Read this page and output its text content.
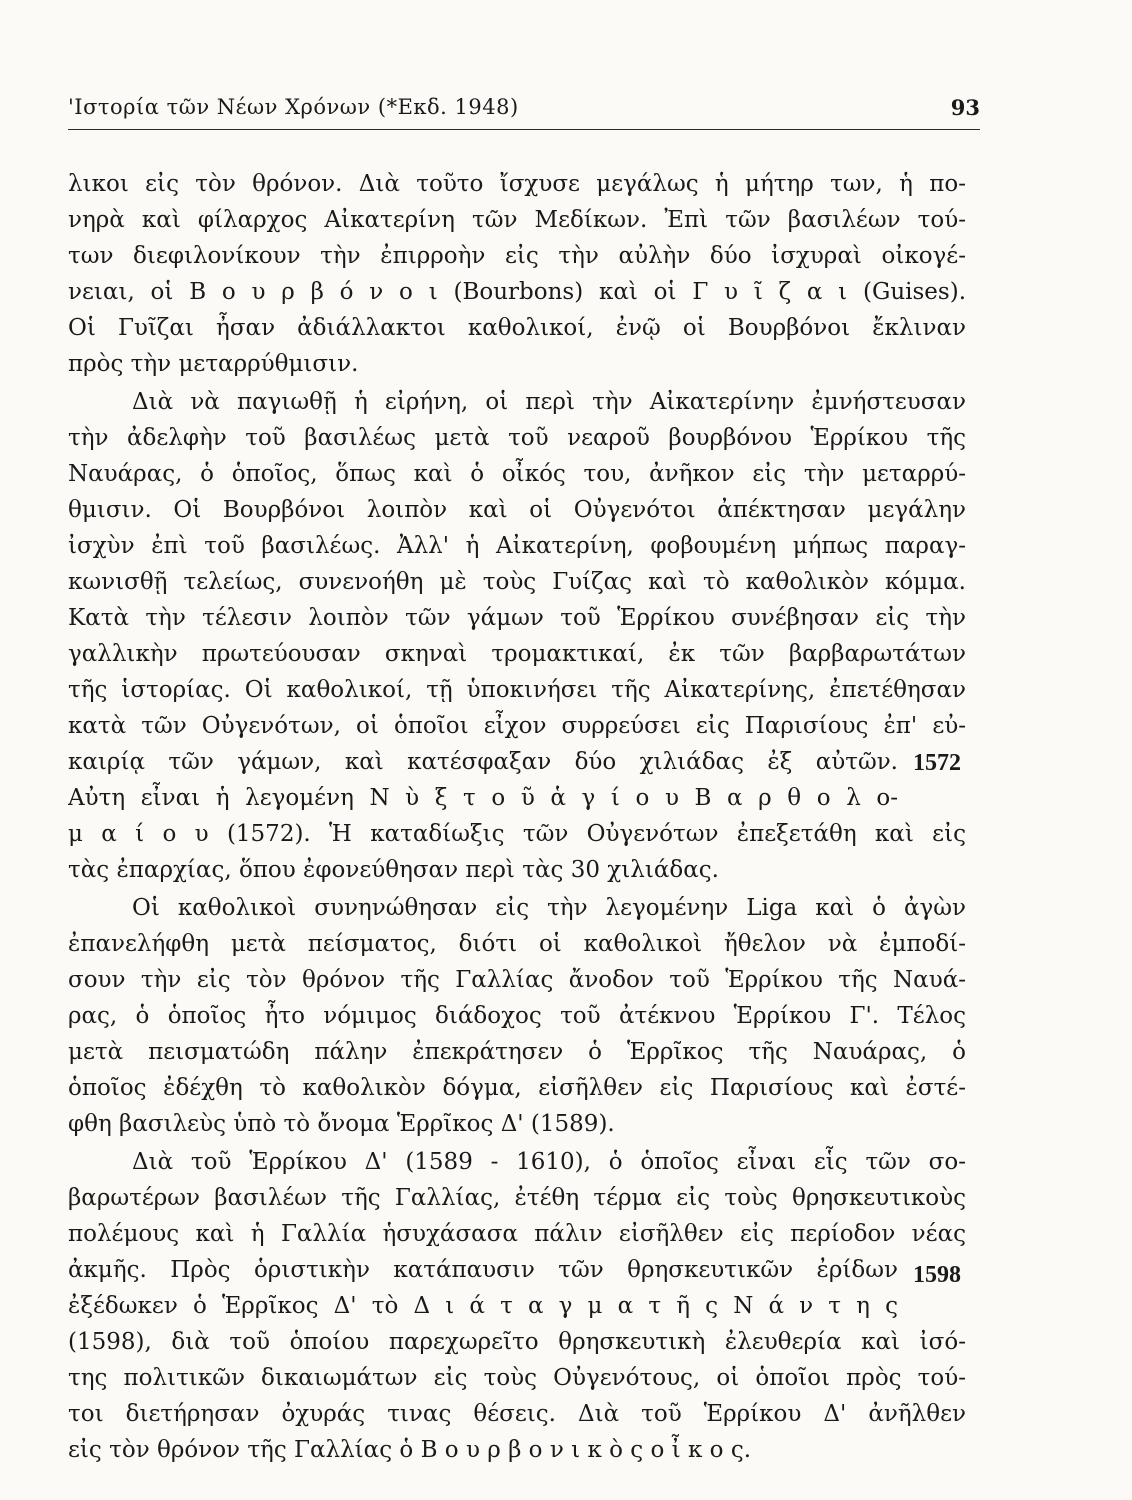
'Ιστορία τῶν Νέων Χρόνων (*Εκδ. 1948)	93
λικοι εἰς τὸν θρόνον. Διὰ τοῦτο ἴσχυσε μεγάλως ἡ μήτηρ των, ἡ πο-
νηρὰ καὶ φίλαρχος Αἰκατερίνη τῶν Μεδίκων. Ἐπὶ τῶν βασιλέων τού-
των διεφιλονίκουν τὴν ἐπιρροὴν εἰς τὴν αὐλὴν δύο ἰσχυραὶ οἰκογέ-
νειαι, οἱ Β ο υ ρ β ό ν ο ι (Bourbons) καὶ οἱ Γ υ ῖ ζ α ι (Guises).
Οἱ Γυῖζαι ἦσαν ἀδιάλλακτοι καθολικοί, ἐνῷ οἱ Βουρβόνοι ἔκλιναν
πρὸς τὴν μεταρρύθμισιν.
Διὰ νὰ παγιωθῇ ἡ εἰρήνη, οἱ περὶ τὴν Αἰκατερίνην ἐμνήστευσαν
τὴν ἀδελφὴν τοῦ βασιλέως μετὰ τοῦ νεαροῦ βουρβόνου Ἑρρίκου τῆς
Ναυάρας, ὁ ὁποῖος, ὅπως καὶ ὁ οἶκός του, ἀνῆκον εἰς τὴν μεταρρύ-
θμισιν. Οἱ Βουρβόνοι λοιπὸν καὶ οἱ Οὐγενότοι ἀπέκτησαν μεγάλην
ἰσχὺν ἐπὶ τοῦ βασιλέως. Ἀλλ' ἡ Αἰκατερίνη, φοβουμένη μήπως παραγ-
κωνισθῇ τελείως, συνενοήθη μὲ τοὺς Γυίζας καὶ τὸ καθολικὸν κόμμα.
Κατὰ τὴν τέλεσιν λοιπὸν τῶν γάμων τοῦ Ἑρρίκου συνέβησαν εἰς τὴν
γαλλικὴν πρωτεύουσαν σκηναὶ τρομακτικαί, ἐκ τῶν βαρβαρωτάτων
τῆς ἱστορίας. Οἱ καθολικοί, τῇ ὑποκινήσει τῆς Αἰκατερίνης, ἐπετέθησαν
κατὰ τῶν Οὐγενότων, οἱ ὁποῖοι εἶχον συρρεύσει εἰς Παρισίους ἐπ' εὐ-
καιρίᾳ τῶν γάμων, καὶ κατέσφαξαν δύο χιλιάδας ἐξ αὐτῶν.
Αὐτη εἶναι ἡ λεγομένη Ν ὺ ξ τ ο ῦ ἁ γ ί ο υ Β α ρ θ ο λ ο-
μ α ί ο υ (1572). Ἡ καταδίωξις τῶν Οὐγενότων ἐπεξετάθη καὶ εἰς
τὰς ἐπαρχίας, ὅπου ἐφονεύθησαν περὶ τὰς 30 χιλιάδας.
Οἱ καθολικοὶ συνηνώθησαν εἰς τὴν λεγομένην Liga καὶ ὁ ἀγὼν
ἐπανελήφθη μετὰ πείσματος, διότι οἱ καθολικοὶ ἤθελον νὰ ἐμποδί-
σουν τὴν εἰς τὸν θρόνον τῆς Γαλλίας ἄνοδον τοῦ Ἑρρίκου τῆς Ναυά-
ρας, ὁ ὁποῖος ἦτο νόμιμος διάδοχος τοῦ ἀτέκνου Ἑρρίκου Γ'. Τέλος
μετὰ πεισματώδη πάλην ἐπεκράτησεν ὁ Ἑρρῖκος τῆς Ναυάρας, ὁ
ὁποῖος ἐδέχθη τὸ καθολικὸν δόγμα, εἰσῆλθεν εἰς Παρισίους καὶ ἐστέ-
φθη βασιλεὺς ὑπὸ τὸ ὄνομα Ἑρρῖκος Δ' (1589).
Διὰ τοῦ Ἑρρίκου Δ' (1589 - 1610), ὁ ὁποῖος εἶναι εἷς τῶν σο-
βαρωτέρων βασιλέων τῆς Γαλλίας, ἐτέθη τέρμα εἰς τοὺς θρησκευτικοὺς
πολέμους καὶ ἡ Γαλλία ἡσυχάσασα πάλιν εἰσῆλθεν εἰς περίοδον νέας
ἀκμῆς. Πρὸς ὁριστικὴν κατάπαυσιν τῶν θρησκευτικῶν ἐρίδων
ἐξέδωκεν ὁ Ἑρρῖκος Δ' τὸ Δ ι ά τ α γ μ α τ ῆ ς Ν ά ν τ η ς
(1598), διὰ τοῦ ὁποίου παρεχωρεῖτο θρησκευτικὴ ἐλευθερία καὶ ἰσό-
της πολιτικῶν δικαιωμάτων εἰς τοὺς Οὐγενότους, οἱ ὁποῖοι πρὸς τού-
τοι διετήρησαν ὀχυράς τινας θέσεις. Διὰ τοῦ Ἑρρίκου Δ' ἀνῆλθεν
εἰς τὸν θρόνον τῆς Γαλλίας ὁ Β ο υ ρ β ο ν ι κ ὸ ς ο ἶ κ ο ς.
1572
1598
